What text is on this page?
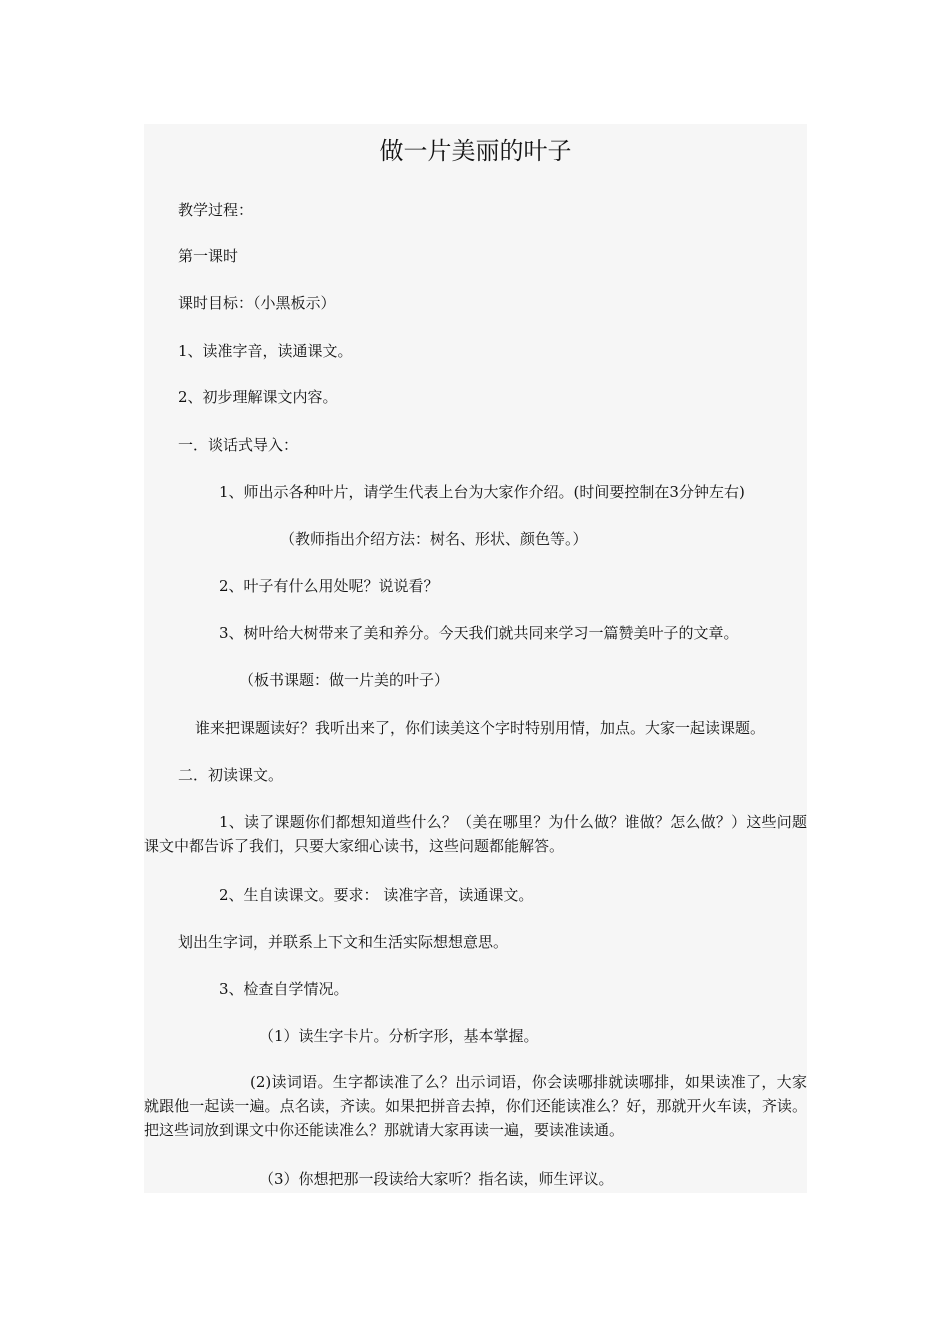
做一片美丽的叶子
教学过程：
第一课时
课时目标：（小黑板示）
1、读准字音，读通课文。
2、初步理解课文内容。
一．谈话式导入：
1、师出示各种叶片，请学生代表上台为大家作介绍。(时间要控制在3分钟左右)
（教师指出介绍方法：树名、形状、颜色等。）
2、叶子有什么用处呢？说说看？
3、树叶给大树带来了美和养分。今天我们就共同来学习一篇赞美叶子的文章。
（板书课题：做一片美的叶子）
谁来把课题读好？我听出来了，你们读美这个字时特别用情，加点。大家一起读课题。
二．初读课文。
1、读了课题你们都想知道些什么？（美在哪里？为什么做？谁做？怎么做？）这些问题课文中都告诉了我们，只要大家细心读书，这些问题都能解答。
2、生自读课文。要求： 读准字音，读通课文。
划出生字词，并联系上下文和生活实际想想意思。
3、检查自学情况。
（1）读生字卡片。分析字形，基本掌握。
(2)读词语。生字都读准了么？出示词语，你会读哪排就读哪排，如果读准了，大家就跟他一起读一遍。点名读，齐读。如果把拼音去掉，你们还能读准么？好，那就开火车读，齐读。把这些词放到课文中你还能读准么？那就请大家再读一遍，要读准读通。
（3）你想把那一段读给大家听？指名读，师生评议。
